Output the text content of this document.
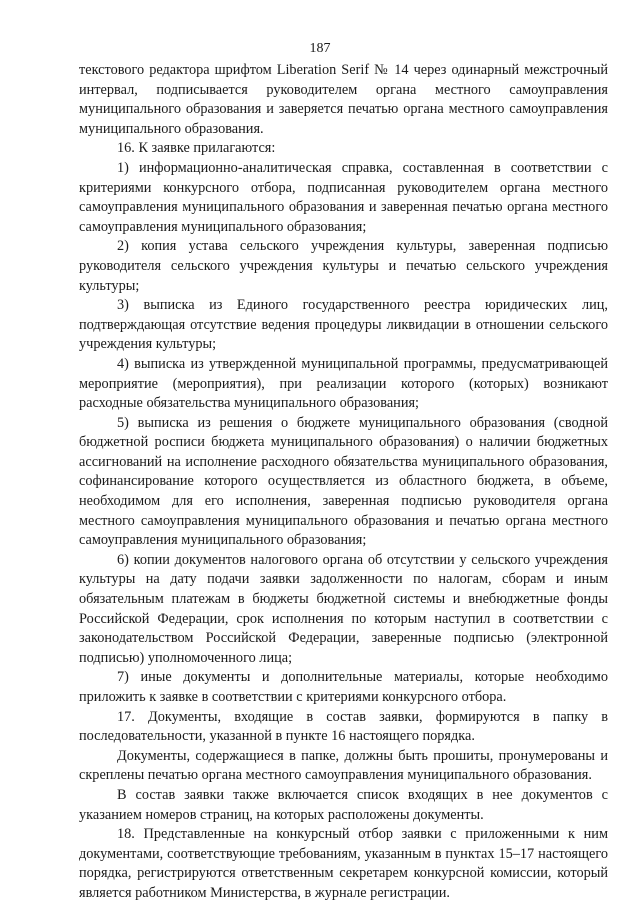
187

текстового редактора шрифтом Liberation Serif № 14 через одинарный межстрочный интервал, подписывается руководителем органа местного самоуправления муниципального образования и заверяется печатью органа местного самоуправления муниципального образования.

16. К заявке прилагаются:

1) информационно-аналитическая справка, составленная в соответствии с критериями конкурсного отбора, подписанная руководителем органа местного самоуправления муниципального образования и заверенная печатью органа местного самоуправления муниципального образования;

2) копия устава сельского учреждения культуры, заверенная подписью руководителя сельского учреждения культуры и печатью сельского учреждения культуры;

3) выписка из Единого государственного реестра юридических лиц, подтверждающая отсутствие ведения процедуры ликвидации в отношении сельского учреждения культуры;

4) выписка из утвержденной муниципальной программы, предусматривающей мероприятие (мероприятия), при реализации которого (которых) возникают расходные обязательства муниципального образования;

5) выписка из решения о бюджете муниципального образования (сводной бюджетной росписи бюджета муниципального образования) о наличии бюджетных ассигнований на исполнение расходного обязательства муниципального образования, софинансирование которого осуществляется из областного бюджета, в объеме, необходимом для его исполнения, заверенная подписью руководителя органа местного самоуправления муниципального образования и печатью органа местного самоуправления муниципального образования;

6) копии документов налогового органа об отсутствии у сельского учреждения культуры на дату подачи заявки задолженности по налогам, сборам и иным обязательным платежам в бюджеты бюджетной системы и внебюджетные фонды Российской Федерации, срок исполнения по которым наступил в соответствии с законодательством Российской Федерации, заверенные подписью (электронной подписью) уполномоченного лица;

7) иные документы и дополнительные материалы, которые необходимо приложить к заявке в соответствии с критериями конкурсного отбора.

17. Документы, входящие в состав заявки, формируются в папку в последовательности, указанной в пункте 16 настоящего порядка.

Документы, содержащиеся в папке, должны быть прошиты, пронумерованы и скреплены печатью органа местного самоуправления муниципального образования.

В состав заявки также включается список входящих в нее документов с указанием номеров страниц, на которых расположены документы.

18. Представленные на конкурсный отбор заявки с приложенными к ним документами, соответствующие требованиям, указанным в пунктах 15–17 настоящего порядка, регистрируются ответственным секретарем конкурсной комиссии, который является работником Министерства, в журнале регистрации.
